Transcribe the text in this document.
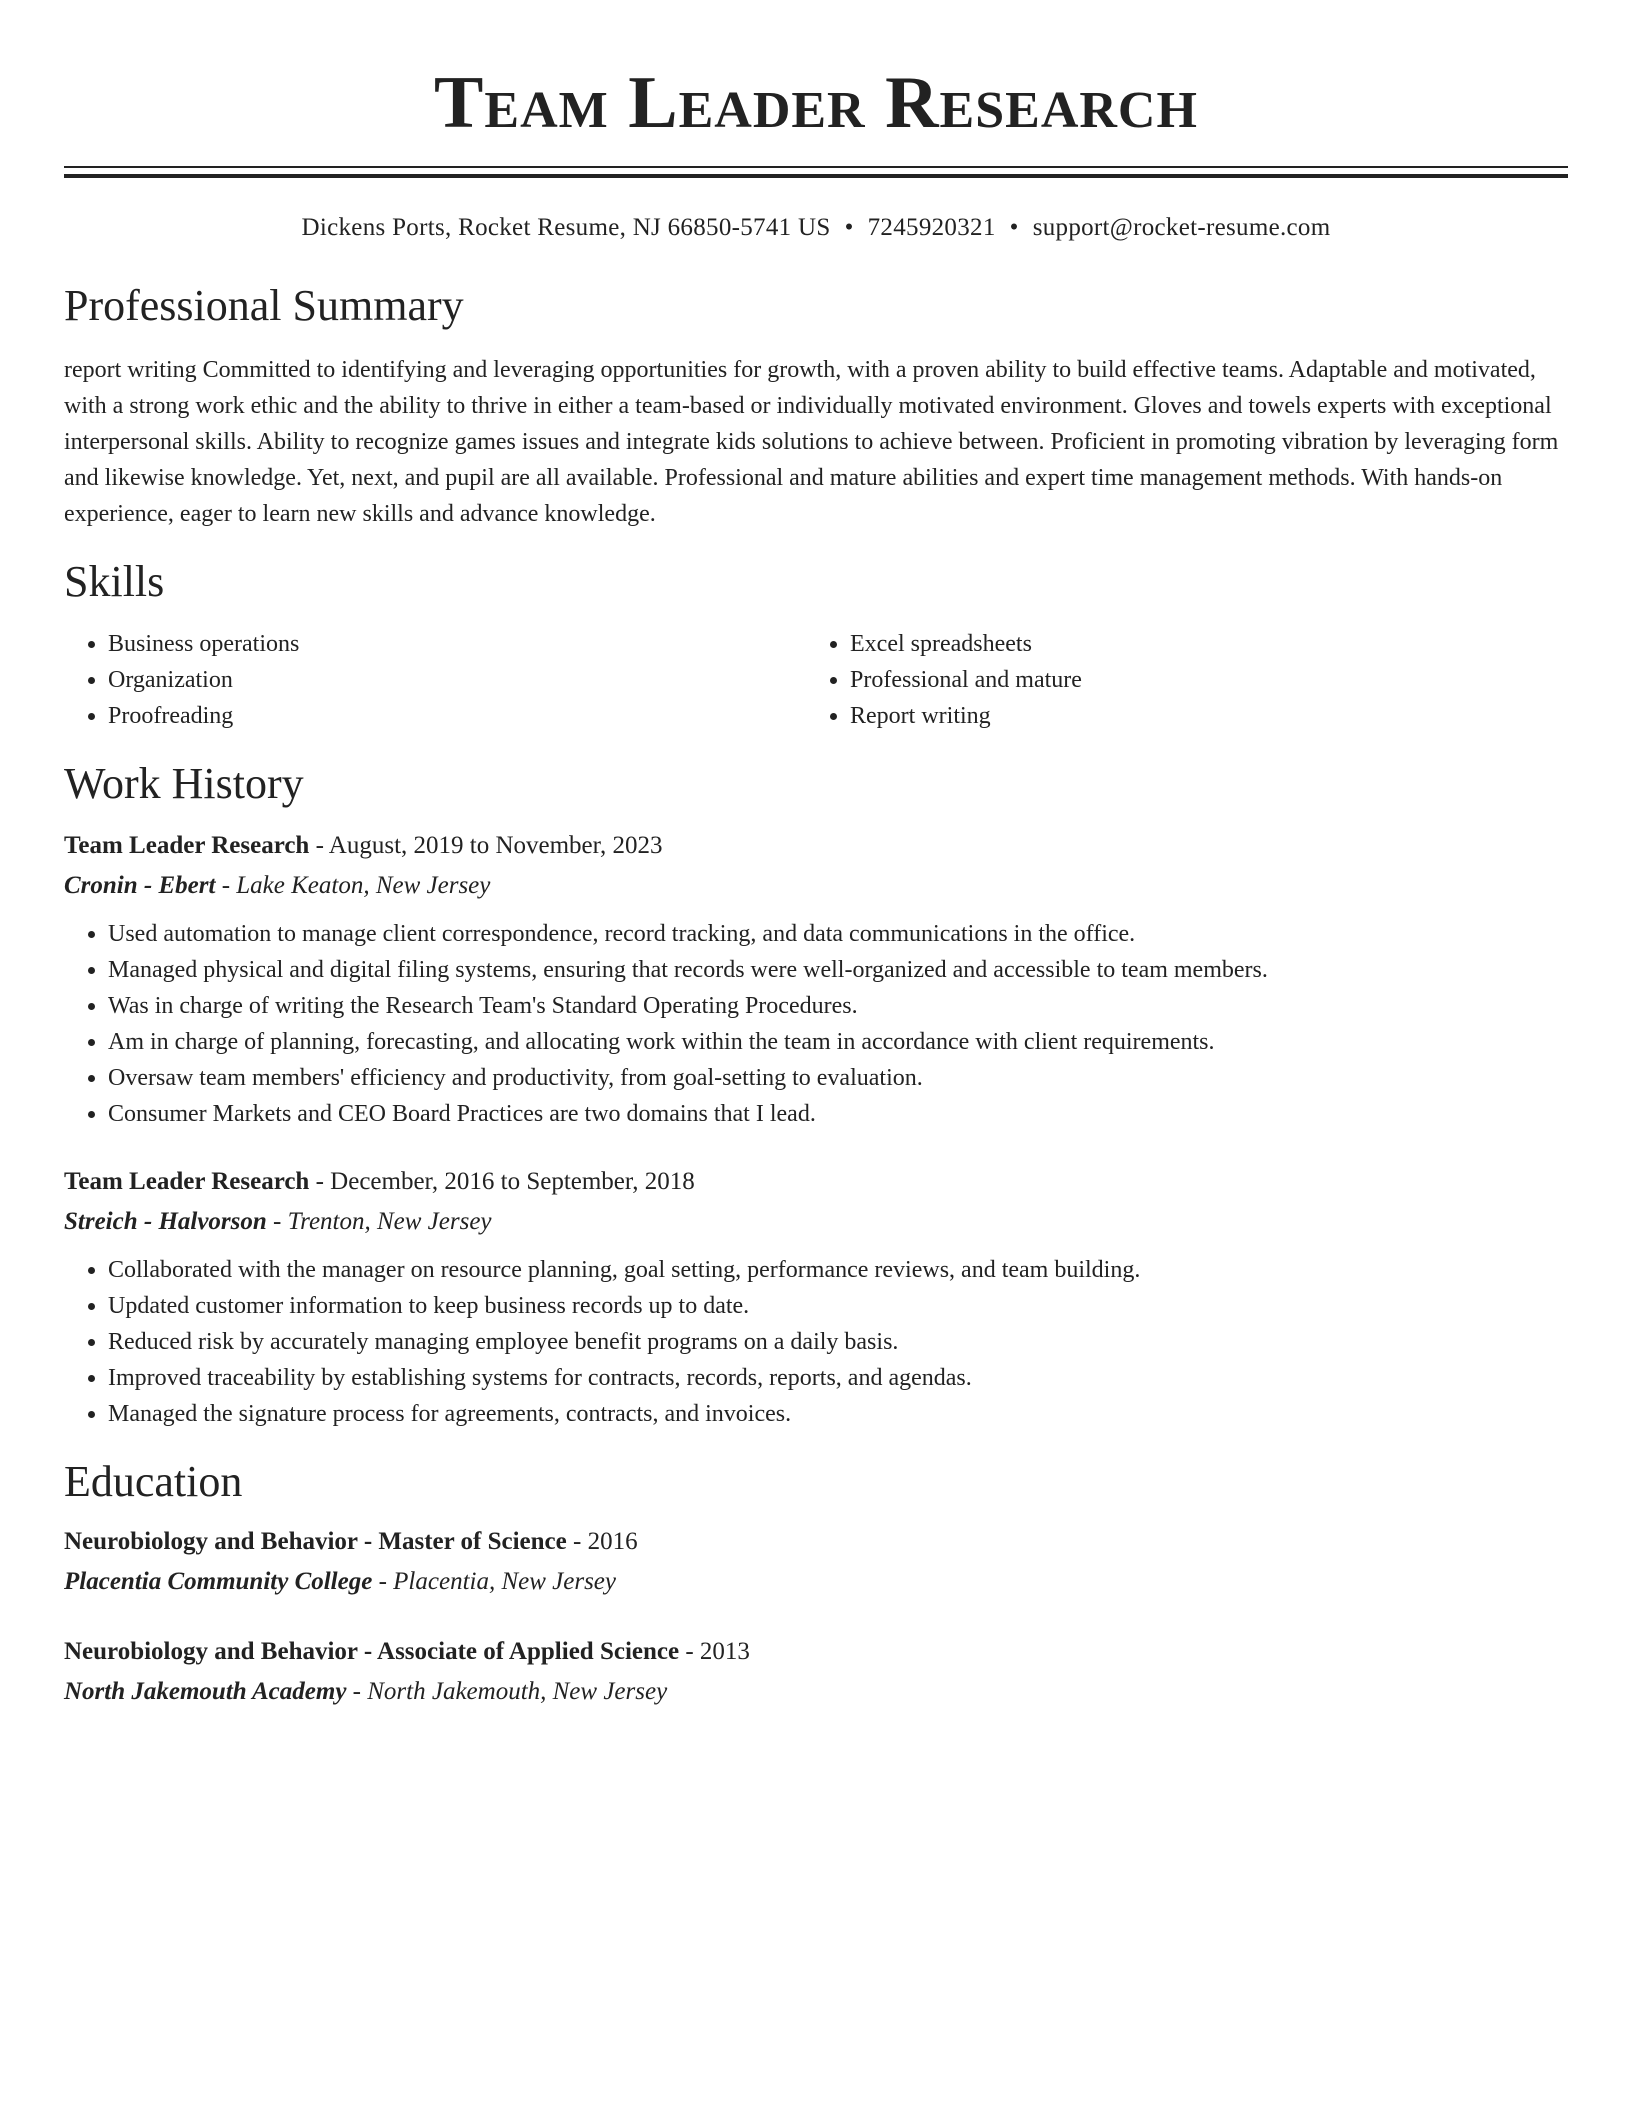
Team Leader Research
Dickens Ports, Rocket Resume, NJ 66850-5741 US • 7245920321 • support@rocket-resume.com
Professional Summary

report writing Committed to identifying and leveraging opportunities for growth, with a proven ability to build effective teams. Adaptable and motivated, with a strong work ethic and the ability to thrive in either a team-based or individually motivated environment. Gloves and towels experts with exceptional interpersonal skills. Ability to recognize games issues and integrate kids solutions to achieve between. Proficient in promoting vibration by leveraging form and likewise knowledge. Yet, next, and pupil are all available. Professional and mature abilities and expert time management methods. With hands-on experience, eager to learn new skills and advance knowledge.

Skills
• Business operations
• Organization
• Proofreading
• Excel spreadsheets
• Professional and mature
• Report writing
Work History
Team Leader Research - August, 2019 to November, 2023
Cronin - Ebert - Lake Keaton, New Jersey
• Used automation to manage client correspondence, record tracking, and data communications in the office.
• Managed physical and digital filing systems, ensuring that records were well-organized and accessible to team members.
• Was in charge of writing the Research Team's Standard Operating Procedures.
• Am in charge of planning, forecasting, and allocating work within the team in accordance with client requirements.
• Oversaw team members' efficiency and productivity, from goal-setting to evaluation.
• Consumer Markets and CEO Board Practices are two domains that I lead.
Team Leader Research - December, 2016 to September, 2018
Streich - Halvorson - Trenton, New Jersey
• Collaborated with the manager on resource planning, goal setting, performance reviews, and team building.
• Updated customer information to keep business records up to date.
• Reduced risk by accurately managing employee benefit programs on a daily basis.
• Improved traceability by establishing systems for contracts, records, reports, and agendas.
• Managed the signature process for agreements, contracts, and invoices.
Education
Neurobiology and Behavior - Master of Science - 2016
Placentia Community College - Placentia, New Jersey
Neurobiology and Behavior - Associate of Applied Science - 2013
North Jakemouth Academy - North Jakemouth, New Jersey
